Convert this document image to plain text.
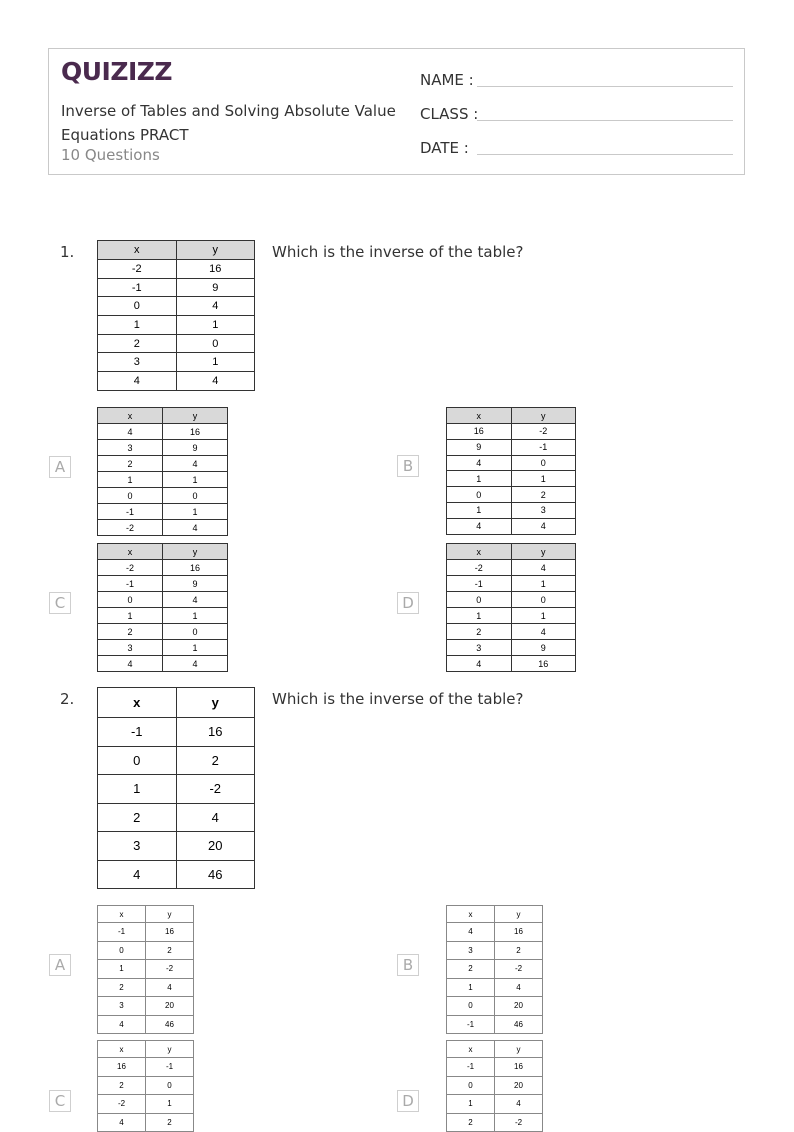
QUIZIZZ
Inverse of Tables and Solving Absolute Value Equations PRACT
10 Questions
NAME :
CLASS :
DATE :
1.	Which is the inverse of the table?
A	B
C	D
2.	Which is the inverse of the table?
A	B
C	D
x	y
-2	16
-1	9
0	4
1	1
2	0
3	1
4	4
x	y
4	16
3	9
2	4
1	1
0	0
-1	1
-2	4
x	y
16	-2
9	-1
4	0
1	1
0	2
1	3
4	4
x	y
-2	16
-1	9
0	4
1	1
2	0
3	1
4	4
x	y
-2	4
-1	1
0	0
1	1
2	4
3	9
4	16
x	y
-1	16
0	2
1	-2
2	4
3	20
4	46
x	y
-1	16
0	2
1	-2
2	4
3	20
4	46
x	y
4	16
3	2
2	-2
1	4
0	20
-1	46
x	y
16	-1
2	0
-2	1
4	2
x	y
-1	16
0	20
1	4
2	-2
